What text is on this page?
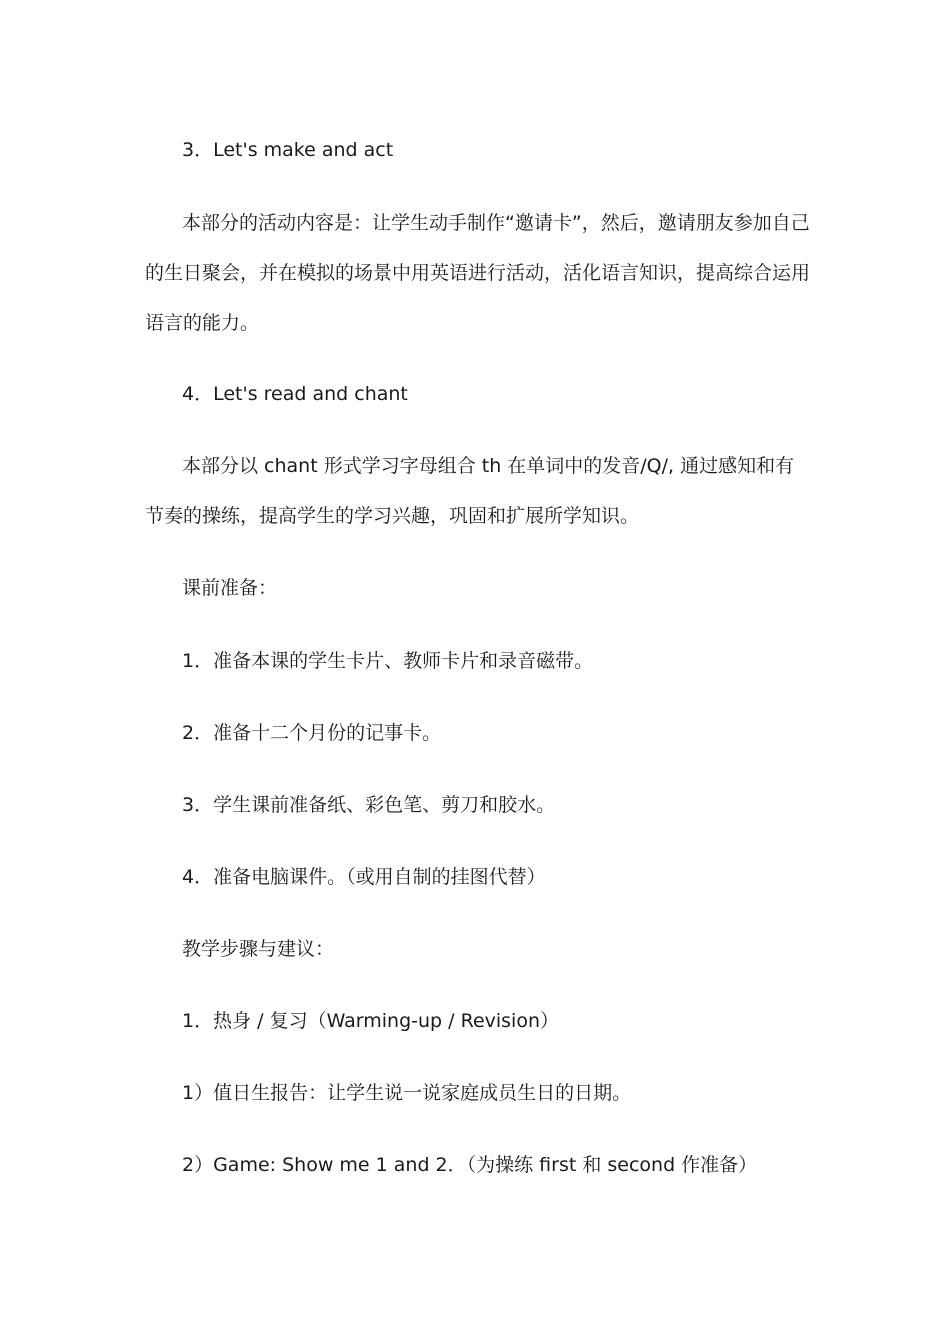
3．Let's make and act

本部分的活动内容是：让学生动手制作“邀请卡”，然后，邀请朋友参加自己的生日聚会，并在模拟的场景中用英语进行活动，活化语言知识，提高综合运用语言的能力。

4．Let's read and chant

本部分以 chant 形式学习字母组合 th 在单词中的发音/Q/, 通过感知和有节奏的操练，提高学生的学习兴趣，巩固和扩展所学知识。

课前准备：

1．准备本课的学生卡片、教师卡片和录音磁带。

2．准备十二个月份的记事卡。

3．学生课前准备纸、彩色笔、剪刀和胶水。

4．准备电脑课件。（或用自制的挂图代替）

教学步骤与建议：

1．热身 / 复习（Warming-up / Revision）

1）值日生报告：让学生说一说家庭成员生日的日期。

2）Game: Show me 1 and 2．（为操练 first 和 second 作准备）
